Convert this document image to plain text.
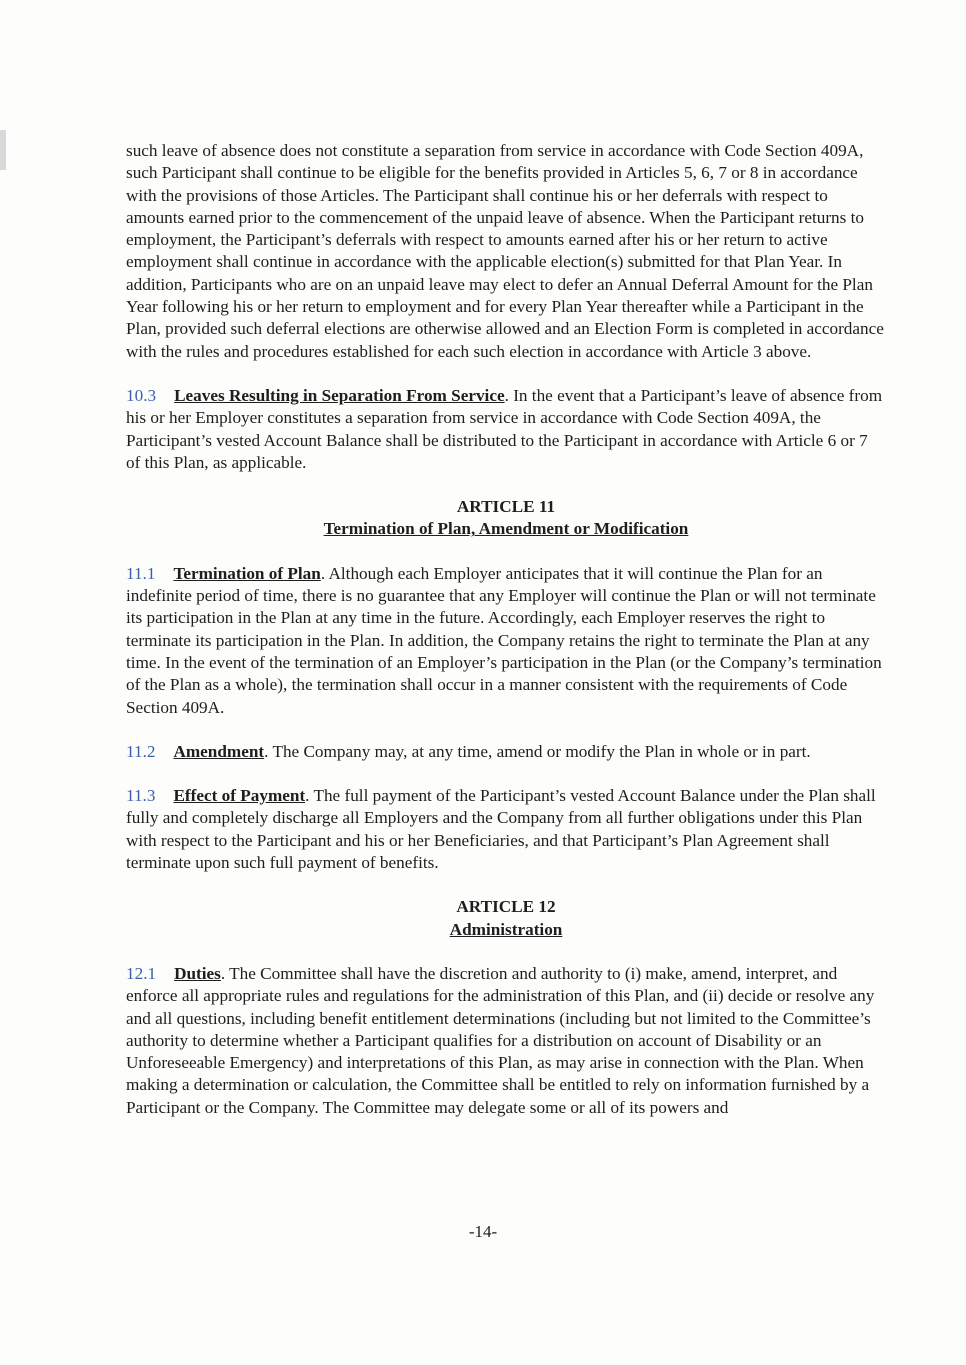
such leave of absence does not constitute a separation from service in accordance with Code Section 409A, such Participant shall continue to be eligible for the benefits provided in Articles 5, 6, 7 or 8 in accordance with the provisions of those Articles. The Participant shall continue his or her deferrals with respect to amounts earned prior to the commencement of the unpaid leave of absence. When the Participant returns to employment, the Participant’s deferrals with respect to amounts earned after his or her return to active employment shall continue in accordance with the applicable election(s) submitted for that Plan Year. In addition, Participants who are on an unpaid leave may elect to defer an Annual Deferral Amount for the Plan Year following his or her return to employment and for every Plan Year thereafter while a Participant in the Plan, provided such deferral elections are otherwise allowed and an Election Form is completed in accordance with the rules and procedures established for each such election in accordance with Article 3 above.

10.3 Leaves Resulting in Separation From Service. In the event that a Participant’s leave of absence from his or her Employer constitutes a separation from service in accordance with Code Section 409A, the Participant’s vested Account Balance shall be distributed to the Participant in accordance with Article 6 or 7 of this Plan, as applicable.

ARTICLE 11
Termination of Plan, Amendment or Modification

11.1 Termination of Plan. Although each Employer anticipates that it will continue the Plan for an indefinite period of time, there is no guarantee that any Employer will continue the Plan or will not terminate its participation in the Plan at any time in the future. Accordingly, each Employer reserves the right to terminate its participation in the Plan. In addition, the Company retains the right to terminate the Plan at any time. In the event of the termination of an Employer’s participation in the Plan (or the Company’s termination of the Plan as a whole), the termination shall occur in a manner consistent with the requirements of Code Section 409A.

11.2 Amendment. The Company may, at any time, amend or modify the Plan in whole or in part.

11.3 Effect of Payment. The full payment of the Participant’s vested Account Balance under the Plan shall fully and completely discharge all Employers and the Company from all further obligations under this Plan with respect to the Participant and his or her Beneficiaries, and that Participant’s Plan Agreement shall terminate upon such full payment of benefits.

ARTICLE 12
Administration

12.1 Duties. The Committee shall have the discretion and authority to (i) make, amend, interpret, and enforce all appropriate rules and regulations for the administration of this Plan, and (ii) decide or resolve any and all questions, including benefit entitlement determinations (including but not limited to the Committee’s authority to determine whether a Participant qualifies for a distribution on account of Disability or an Unforeseeable Emergency) and interpretations of this Plan, as may arise in connection with the Plan. When making a determination or calculation, the Committee shall be entitled to rely on information furnished by a Participant or the Company. The Committee may delegate some or all of its powers and

-14-
